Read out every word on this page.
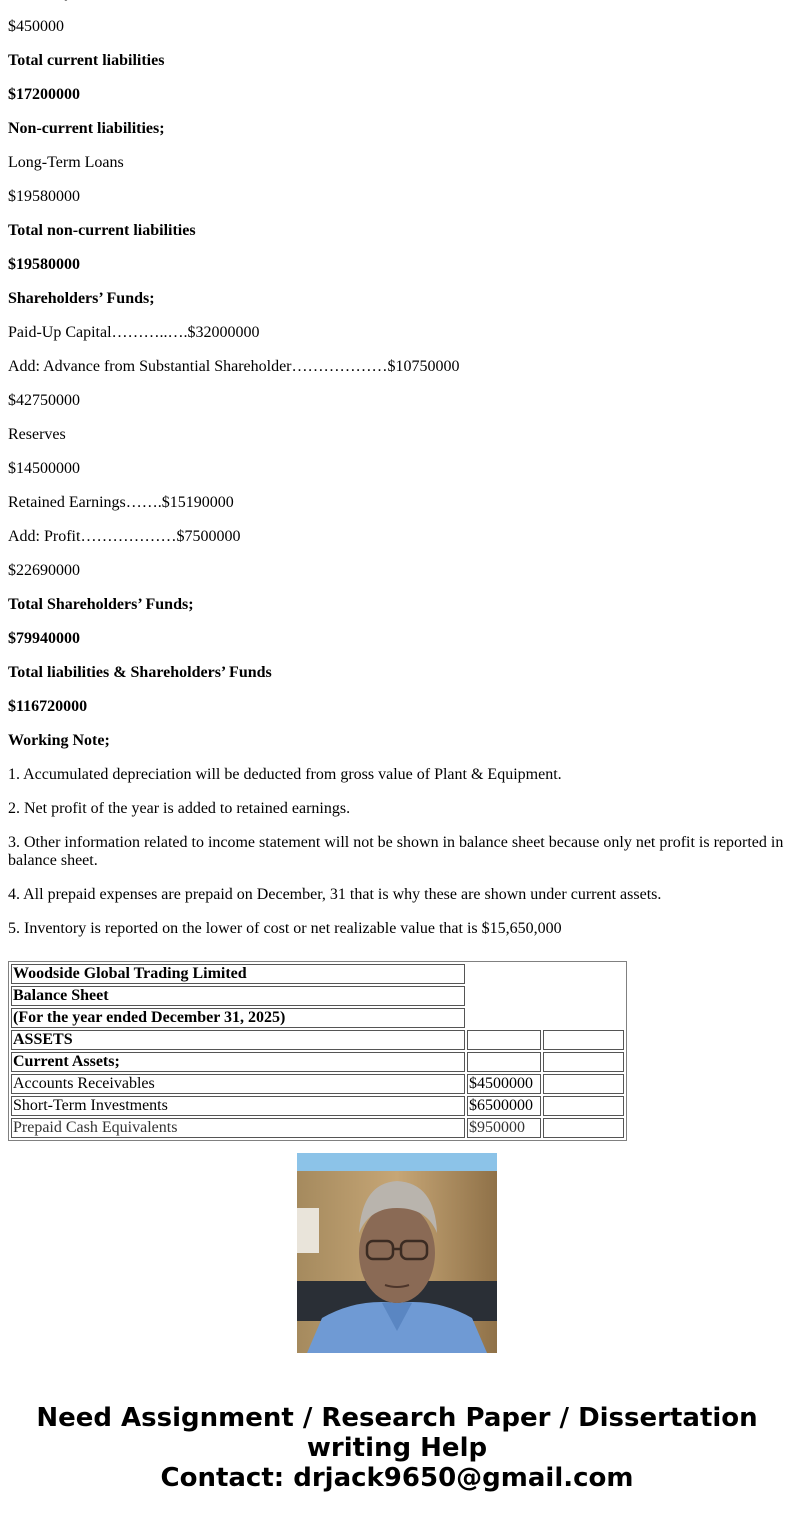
$450000

Total current liabilities

$17200000

Non-current liabilities;

Long-Term Loans

$19580000

Total non-current liabilities

$19580000

Shareholders’ Funds;

Paid-Up Capital………..….$32000000

Add: Advance from Substantial Shareholder………………$10750000

$42750000

Reserves

$14500000

Retained Earnings…….$15190000

Add: Profit………………$7500000

$22690000

Total Shareholders’ Funds;

$79940000

Total liabilities & Shareholders’ Funds

$116720000

Working Note;

1. Accumulated depreciation will be deducted from gross value of Plant & Equipment.

2. Net profit of the year is added to retained earnings.

3. Other information related to income statement will not be shown in balance sheet because only net profit is reported in balance sheet.

4. All prepaid expenses are prepaid on December, 31 that is why these are shown under current assets.

5. Inventory is reported on the lower of cost or net realizable value that is $15,650,000

Woodside Global Trading Limited		
Balance Sheet		
(For the year ended December 31, 2025)		
ASSETS		
Current Assets;		
Accounts Receivables	$4500000	
Short-Term Investments	$6500000	
Prepaid Cash Equivalents	$950000	
Need Assignment / Research Paper / Dissertation
writing Help
Contact: drjack9650@gmail.com
